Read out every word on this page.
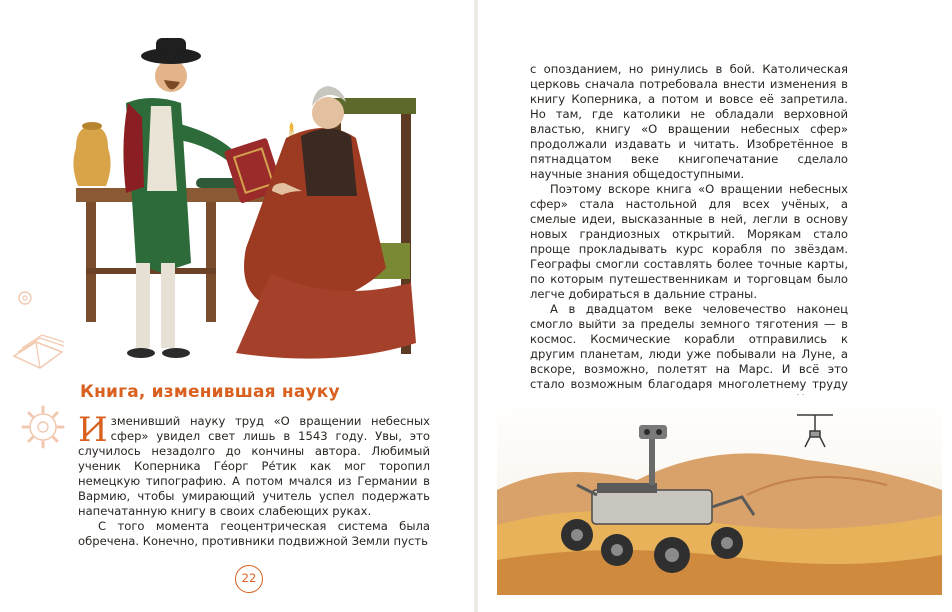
Книга, изменившая науку

Изменивший науку труд «О вращении небесных сфер» увидел свет лишь в 1543 году. Увы, это случилось незадолго до кончины автора. Любимый ученик Коперника Ге́орг Ре́тик как мог торопил немецкую типографию. А потом мчался из Германии в Вармию, чтобы умирающий учитель успел подержать напечатанную книгу в своих слабеющих руках.

С того момента геоцентрическая система была обречена. Конечно, противники подвижной Земли пусть

22

с опозданием, но ринулись в бой. Католическая церковь сначала потребовала внести изменения в книгу Коперника, а потом и вовсе её запретила. Но там, где католики не обладали верховной властью, книгу «О вращении небесных сфер» продолжали издавать и читать. Изобретённое в пятнадцатом веке книгопечатание сделало научные знания общедоступными.

Поэтому вскоре книга «О вращении небесных сфер» стала настольной для всех учёных, а смелые идеи, высказанные в ней, легли в основу новых грандиозных открытий. Морякам стало проще прокладывать курс корабля по звёздам. Географы смогли составлять более точные карты, по которым путешественникам и торговцам было легче добираться в дальние страны.

А в двадцатом веке человечество наконец смогло выйти за пределы земного тяготения — в космос. Космические корабли отправились к другим планетам, люди уже побывали на Луне, а вскоре, возможно, полетят на Марс. И всё это стало возможным благодаря многолетнему труду
